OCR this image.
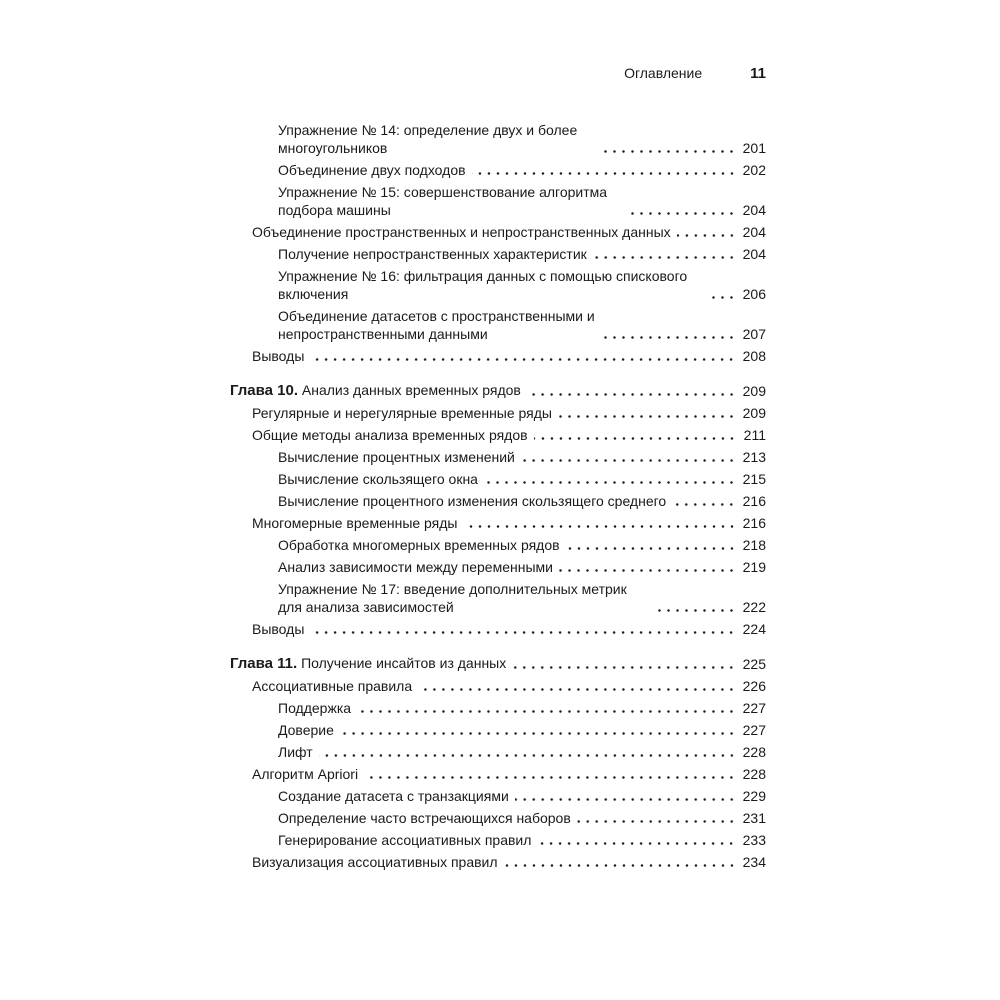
Оглавление	11
Упражнение № 14: определение двух и более многоугольников	201
Объединение двух подходов	202
Упражнение № 15: совершенствование алгоритма подбора машины	204
Объединение пространственных и непространственных данных	204
Получение непространственных характеристик	204
Упражнение № 16: фильтрация данных с помощью спискового включения	206
Объединение датасетов с пространственными и непространственными данными	207
Выводы	208
Глава 10. Анализ данных временных рядов	209
Регулярные и нерегулярные временные ряды	209
Общие методы анализа временных рядов	211
Вычисление процентных изменений	213
Вычисление скользящего окна	215
Вычисление процентного изменения скользящего среднего	216
Многомерные временные ряды	216
Обработка многомерных временных рядов	218
Анализ зависимости между переменными	219
Упражнение № 17: введение дополнительных метрик для анализа зависимостей	222
Выводы	224
Глава 11. Получение инсайтов из данных	225
Ассоциативные правила	226
Поддержка	227
Доверие	227
Лифт	228
Алгоритм Apriori	228
Создание датасета с транзакциями	229
Определение часто встречающихся наборов	231
Генерирование ассоциативных правил	233
Визуализация ассоциативных правил	234
